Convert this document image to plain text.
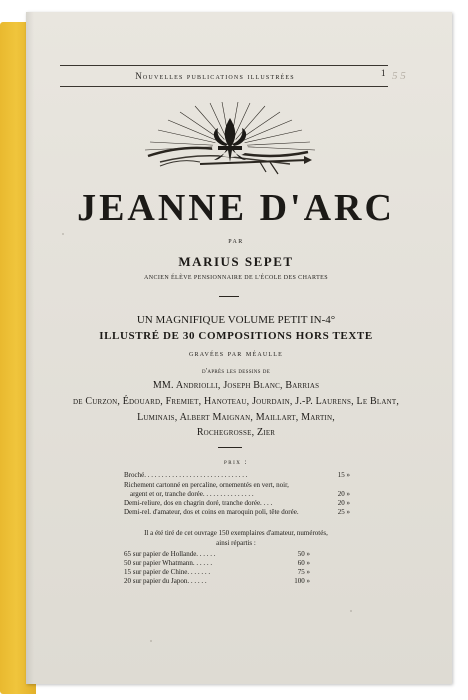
Nouvelles publications illustrées	1 5 5
JEANNE D'ARC
PAR
MARIUS SEPET
ANCIEN ÉLÈVE PENSIONNAIRE DE L'ÉCOLE DES CHARTES
UN MAGNIFIQUE VOLUME PETIT IN-4°
ILLUSTRÉ DE 30 COMPOSITIONS HORS TEXTE
gravées par méaulle
d'après les dessins de
MM. Andriolli, Joseph Blanc, Barrias
de Curzon, Édouard, Fremiet, Hanoteau, Jourdain, J.-P. Laurens, Le Blant,
Luminais, Albert Maignan, Maillart, Martin,
Rochegrosse, Zier
prix :
Broché. . . . . . . . . . . . . . . . . . . . . . . . . . . . . .	15 »
Richement cartonné en percaline, ornementés en vert, noir,
argent et or, tranche dorée. . . . . . . . . . . . . . .	20 »
Demi-reliure, dos en chagrin doré, tranche dorée. . . .	20 »
Demi-rel. d'amateur, dos et coins en maroquin poli, tête dorée.	25 »
Il a été tiré de cet ouvrage 150 exemplaires d'amateur, numérotés,
ainsi répartis :
65 sur papier de Hollande. . . . . .	50 »
50 sur papier Whatmann. . . . . .	60 »
15 sur papier de Chine. . . . . . .	75 »
20 sur papier du Japon. . . . . .	100 »
